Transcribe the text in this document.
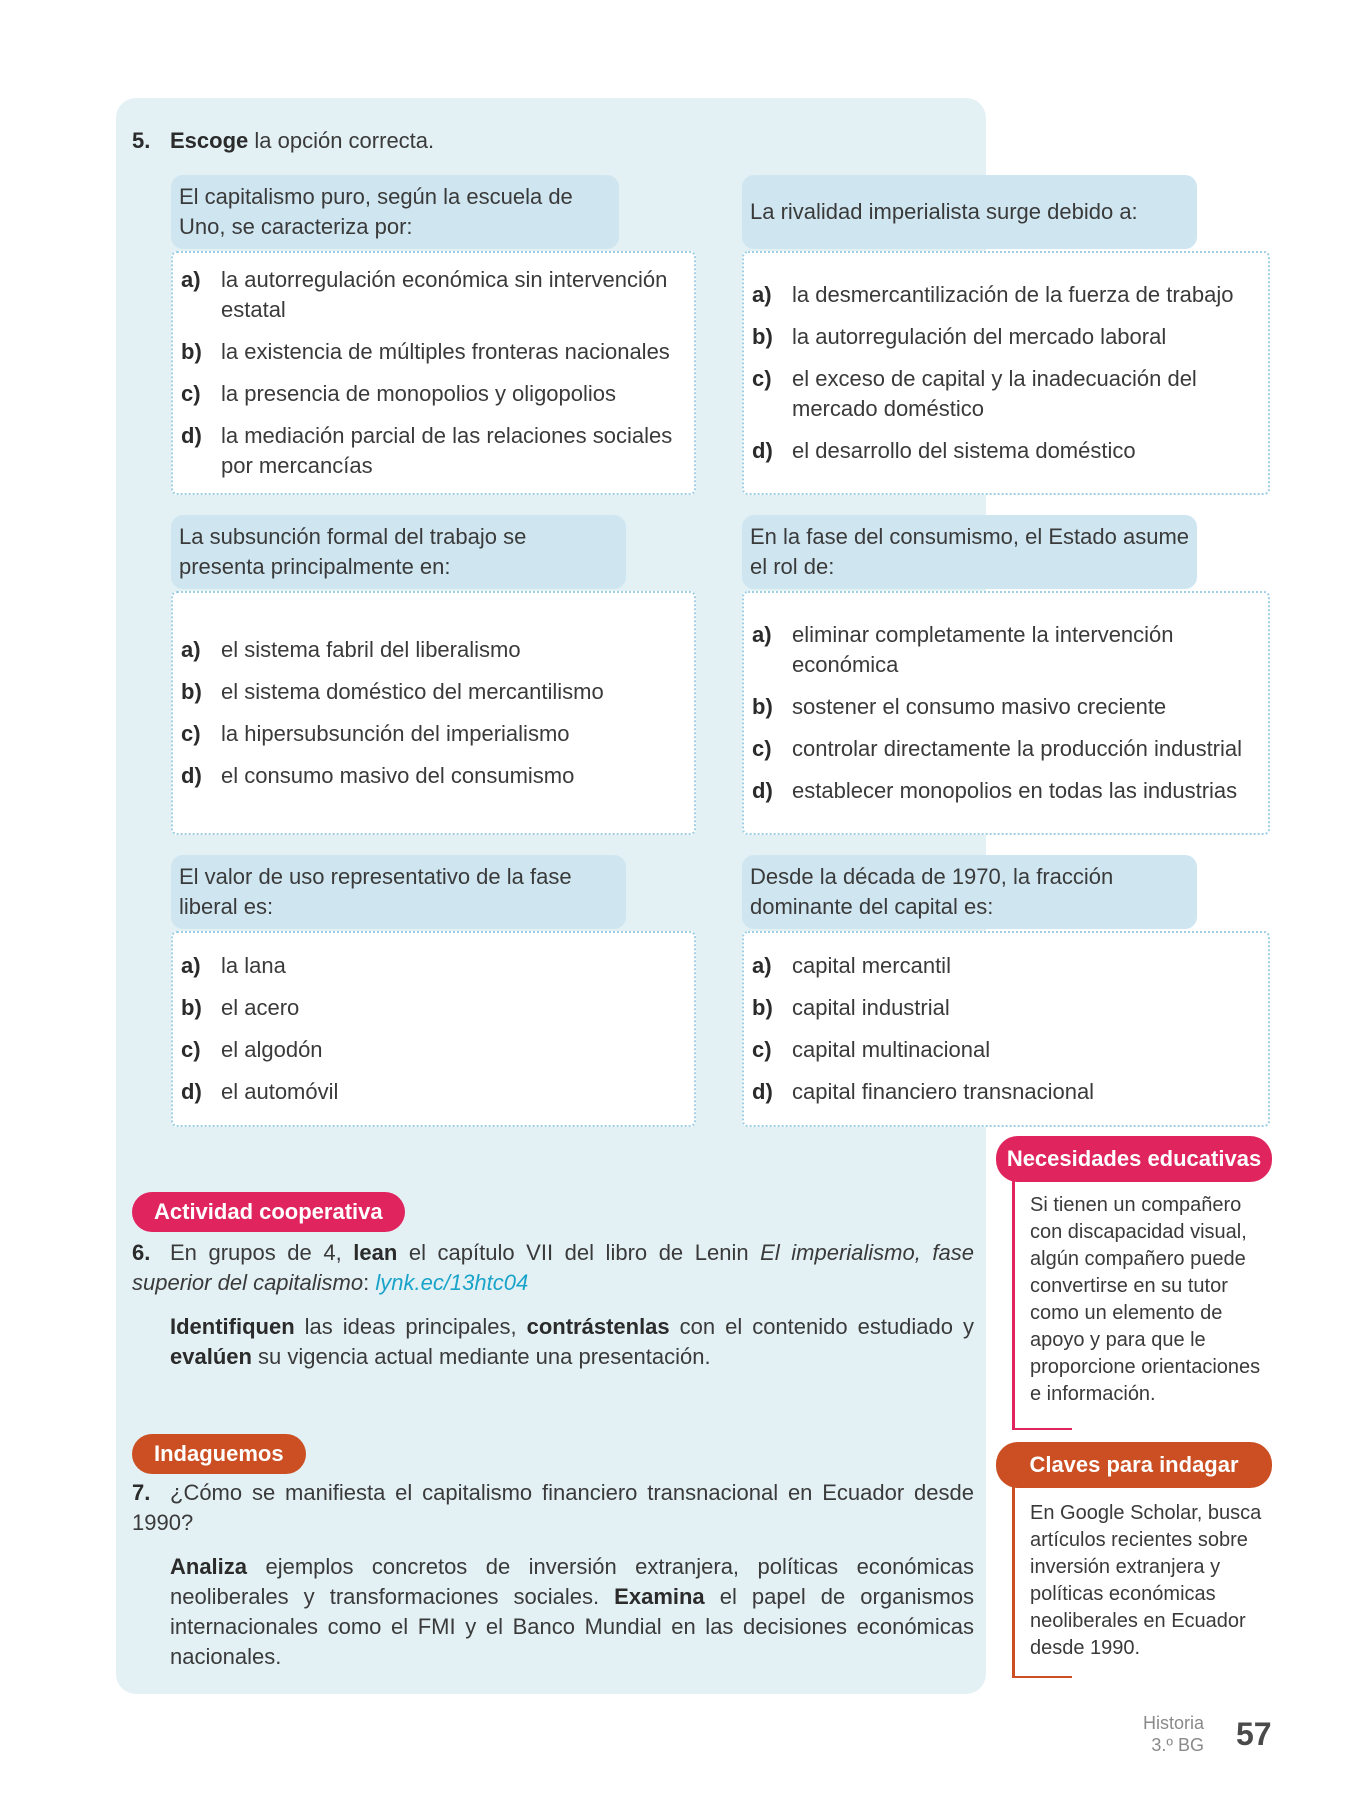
5. Escoge la opción correcta.
El capitalismo puro, según la escuela de Uno, se caracteriza por:
a) la autorregulación económica sin intervención estatal
b) la existencia de múltiples fronteras nacionales
c) la presencia de monopolios y oligopolios
d) la mediación parcial de las relaciones sociales por mercancías
La rivalidad imperialista surge debido a:
a) la desmercantilización de la fuerza de trabajo
b) la autorregulación del mercado laboral
c) el exceso de capital y la inadecuación del mercado doméstico
d) el desarrollo del sistema doméstico
La subsunción formal del trabajo se presenta principalmente en:
a) el sistema fabril del liberalismo
b) el sistema doméstico del mercantilismo
c) la hipersubsunción del imperialismo
d) el consumo masivo del consumismo
En la fase del consumismo, el Estado asume el rol de:
a) eliminar completamente la intervención económica
b) sostener el consumo masivo creciente
c) controlar directamente la producción industrial
d) establecer monopolios en todas las industrias
El valor de uso representativo de la fase liberal es:
a) la lana
b) el acero
c) el algodón
d) el automóvil
Desde la década de 1970, la fracción dominante del capital es:
a) capital mercantil
b) capital industrial
c) capital multinacional
d) capital financiero transnacional
Actividad cooperativa
6. En grupos de 4, lean el capítulo VII del libro de Lenin El imperialismo, fase superior del capitalismo: lynk.ec/13htc04
Identifiquen las ideas principales, contrástenlas con el contenido estudiado y evalúen su vigencia actual mediante una presentación.
Indaguemos
7. ¿Cómo se manifiesta el capitalismo financiero transnacional en Ecuador desde 1990?
Analiza ejemplos concretos de inversión extranjera, políticas económicas neoliberales y transformaciones sociales. Examina el papel de organismos internacionales como el FMI y el Banco Mundial en las decisiones económicas nacionales.
Necesidades educativas
Si tienen un compañero con discapacidad visual, algún compañero puede convertirse en su tutor como un elemento de apoyo y para que le proporcione orientaciones e información.
Claves para indagar
En Google Scholar, busca artículos recientes sobre inversión extranjera y políticas económicas neoliberales en Ecuador desde 1990.
Historia
3.º BG 57
